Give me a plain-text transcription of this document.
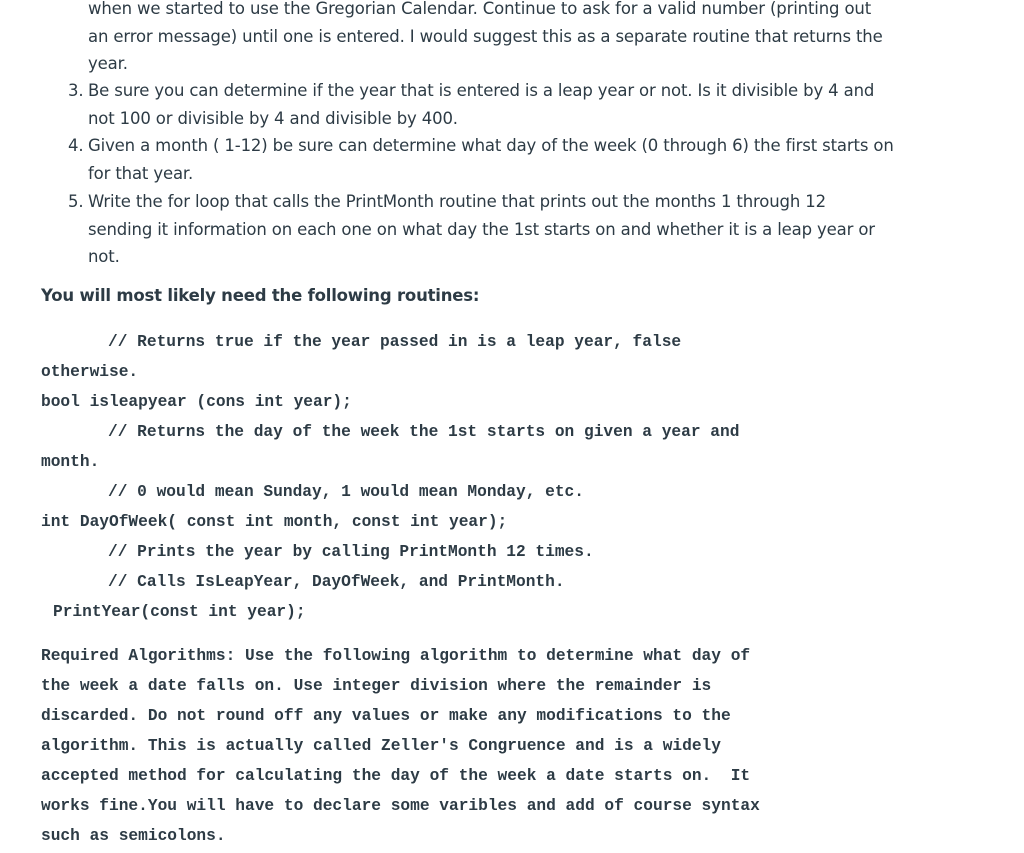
when we started to use the Gregorian Calendar. Continue to ask for a valid number (printing out

an error message) until one is entered. I would suggest this as a separate routine that returns the

year.

3. Be sure you can determine if the year that is entered is a leap year or not. Is it divisible by 4 and
not 100 or divisible by 4 and divisible by 400.
4. Given a month ( 1-12) be sure can determine what day of the week (0 through 6) the first starts on
for that year.
5. Write the for loop that calls the PrintMonth routine that prints out the months 1 through 12
sending it information on each one on what day the 1st starts on and whether it is a leap year or
not.
You will most likely need the following routines:
// Returns true if the year passed in is a leap year, false
otherwise.
bool isleapyear (cons int year);
// Returns the day of the week the 1st starts on given a year and
month.
// 0 would mean Sunday, 1 would mean Monday, etc.
int DayOfWeek( const int month, const int year);
// Prints the year by calling PrintMonth 12 times.
// Calls IsLeapYear, DayOfWeek, and PrintMonth.
PrintYear(const int year);
Required Algorithms: Use the following algorithm to determine what day of
the week a date falls on. Use integer division where the remainder is
discarded. Do not round off any values or make any modifications to the
algorithm. This is actually called Zeller's Congruence and is a widely
accepted method for calculating the day of the week a date starts on.  It
works fine.You will have to declare some varibles and add of course syntax
such as semicolons.
